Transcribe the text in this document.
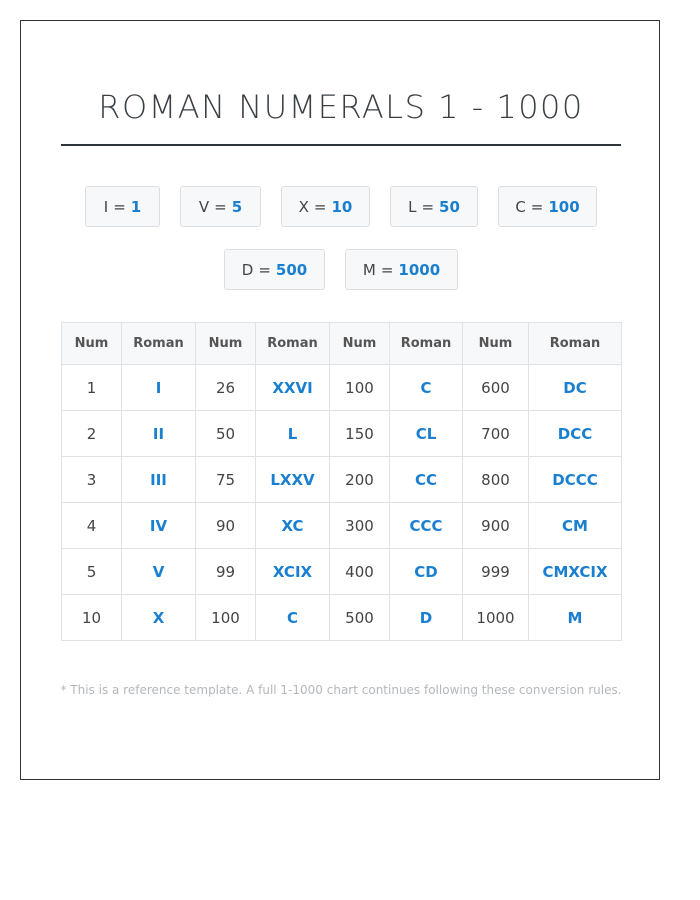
ROMAN NUMERALS 1 - 1000
I = 1	V = 5	X = 10	L = 50	C = 100
D = 500	M = 1000
Num	Roman	Num	Roman	Num	Roman	Num	Roman
1	I	26	XXVI	100	C	600	DC
2	II	50	L	150	CL	700	DCC
3	III	75	LXXV	200	CC	800	DCCC
4	IV	90	XC	300	CCC	900	CM
5	V	99	XCIX	400	CD	999	CMXCIX
10	X	100	C	500	D	1000	M
* This is a reference template. A full 1-1000 chart continues following these conversion rules.
